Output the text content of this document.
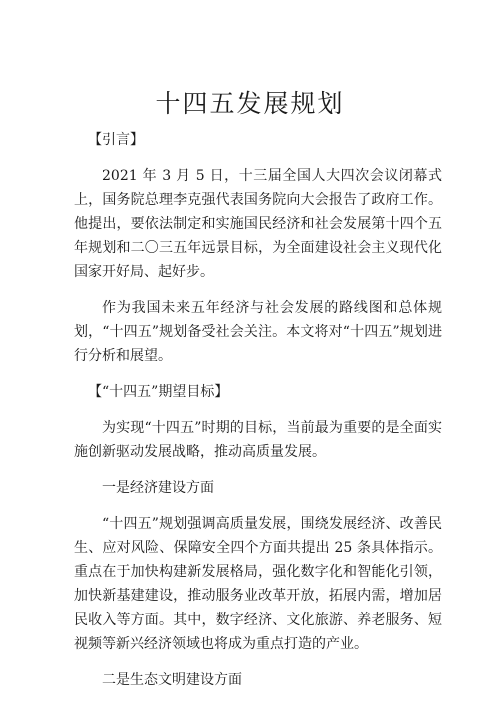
十四五发展规划

【引言】

2021 年 3 月 5 日，十三届全国人大四次会议闭幕式上，国务院总理李克强代表国务院向大会报告了政府工作。他提出，要依法制定和实施国民经济和社会发展第十四个五年规划和二〇三五年远景目标，为全面建设社会主义现代化国家开好局、起好步。

作为我国未来五年经济与社会发展的路线图和总体规划，“十四五”规划备受社会关注。本文将对“十四五”规划进行分析和展望。

【“十四五”期望目标】

为实现“十四五”时期的目标，当前最为重要的是全面实施创新驱动发展战略，推动高质量发展。

一是经济建设方面

“十四五”规划强调高质量发展，围绕发展经济、改善民生、应对风险、保障安全四个方面共提出 25 条具体指示。重点在于加快构建新发展格局，强化数字化和智能化引领，加快新基建建设，推动服务业改革开放，拓展内需，增加居民收入等方面。其中，数字经济、文化旅游、养老服务、短视频等新兴经济领域也将成为重点打造的产业。

二是生态文明建设方面
